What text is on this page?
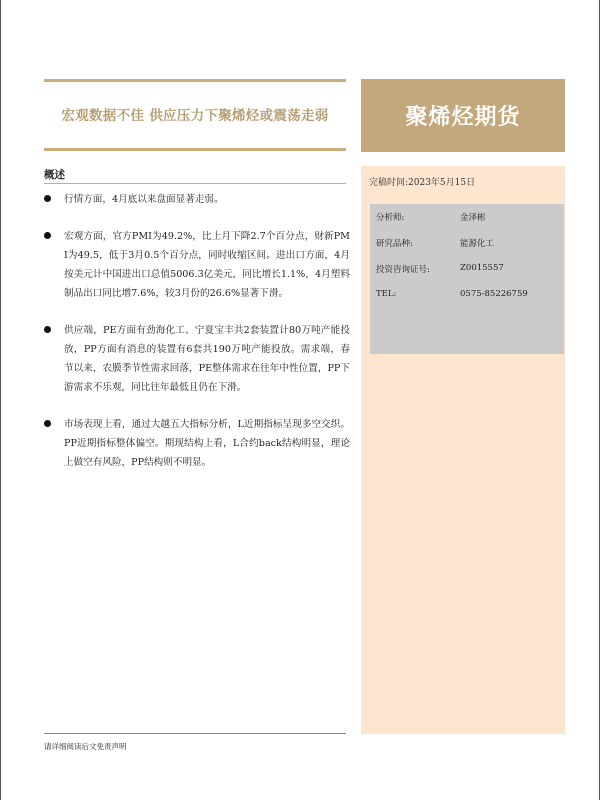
宏观数据不佳 供应压力下聚烯烃或震荡走弱	聚烯烃期货
完稿时间:2023年5月15日
分析师:	金泽彬
研究品种:	能源化工
投资咨询证号:	Z0015557
TEL:	0575-85226759
概述
行情方面，4月底以来盘面显著走弱。
宏观方面，官方PMI为49.2%，比上月下降2.7个百分点，财新PMI为49.5，低于3月0.5个百分点，同时收缩区间。进出口方面，4月按美元计中国进出口总值5006.3亿美元，同比增长1.1%，4月塑料制品出口同比增7.6%，较3月份的26.6%显著下滑。
供应端，PE方面有劲海化工、宁夏宝丰共2套装置计80万吨产能投放，PP方面有消息的装置有6套共190万吨产能投放。需求端，春节以来，农膜季节性需求回落，PE整体需求在往年中性位置，PP下游需求不乐观，同比往年最低且仍在下滑。
市场表现上看，通过大越五大指标分析，L近期指标呈现多空交织。PP近期指标整体偏空。期现结构上看，L合约back结构明显，理论上做空有风险，PP结构则不明显。
请详细阅读后文免责声明
